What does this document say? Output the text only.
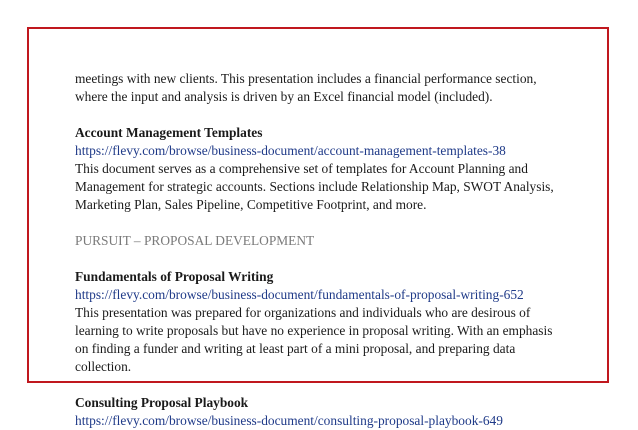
meetings with new clients. This presentation includes a financial performance section,

where the input and analysis is driven by an Excel financial model (included).

Account Management Templates

https://flevy.com/browse/business-document/account-management-templates-38

This document serves as a comprehensive set of templates for Account Planning and

Management for strategic accounts. Sections include Relationship Map, SWOT Analysis,

Marketing Plan, Sales Pipeline, Competitive Footprint, and more.

PURSUIT – PROPOSAL DEVELOPMENT

Fundamentals of Proposal Writing

https://flevy.com/browse/business-document/fundamentals-of-proposal-writing-652

This presentation was prepared for organizations and individuals who are desirous of

learning to write proposals but have no experience in proposal writing. With an emphasis

on finding a funder and writing at least part of a mini proposal, and preparing data

collection.

Consulting Proposal Playbook

https://flevy.com/browse/business-document/consulting-proposal-playbook-649
